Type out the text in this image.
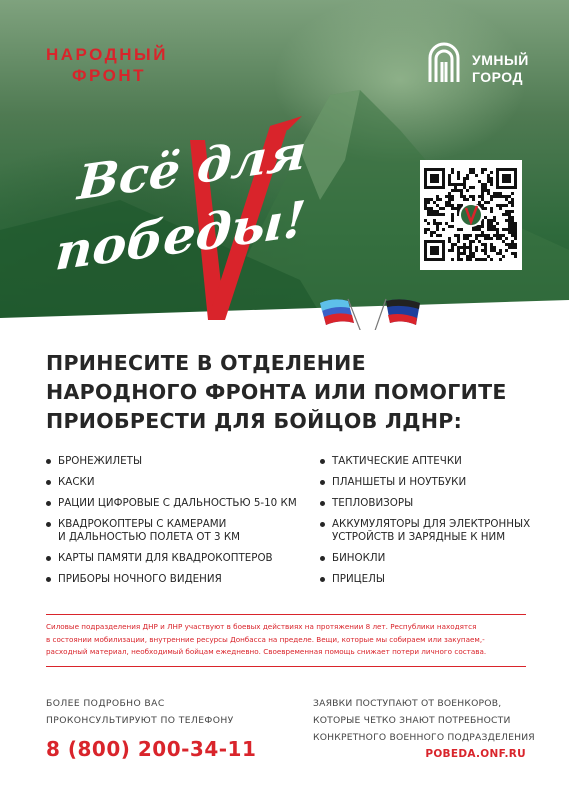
НАРОДНЫЙ
ФРОНТ
УМНЫЙ
ГОРОД
Всё для
победы!
ПРИНЕСИТЕ В ОТДЕЛЕНИЕ
НАРОДНОГО ФРОНТА ИЛИ ПОМОГИТЕ
ПРИОБРЕСТИ ДЛЯ БОЙЦОВ ЛДНР:
БРОНЕЖИЛЕТЫ
КАСКИ
РАЦИИ ЦИФРОВЫЕ С ДАЛЬНОСТЬЮ 5-10 КМ
КВАДРОКОПТЕРЫ С КАМЕРАМИ
И ДАЛЬНОСТЬЮ ПОЛЕТА ОТ 3 КМ
КАРТЫ ПАМЯТИ ДЛЯ КВАДРОКОПТЕРОВ
ПРИБОРЫ НОЧНОГО ВИДЕНИЯ
ТАКТИЧЕСКИЕ АПТЕЧКИ
ПЛАНШЕТЫ И НОУТБУКИ
ТЕПЛОВИЗОРЫ
АККУМУЛЯТОРЫ ДЛЯ ЭЛЕКТРОННЫХ
УСТРОЙСТВ И ЗАРЯДНЫЕ К НИМ
БИНОКЛИ
ПРИЦЕЛЫ

Силовые подразделения ДНР и ЛНР участвуют в боевых действиях на протяжении 8 лет. Республики находятся
в состоянии мобилизации, внутренние ресурсы Донбасса на пределе. Вещи, которые мы собираем или закупаем,-
расходный материал, необходимый бойцам ежедневно. Своевременная помощь снижает потери личного состава.

БОЛЕЕ ПОДРОБНО ВАС
ПРОКОНСУЛЬТИРУЮТ ПО ТЕЛЕФОНУ
8 (800) 200-34-11
ЗАЯВКИ ПОСТУПАЮТ ОТ ВОЕНКОРОВ,
КОТОРЫЕ ЧЕТКО ЗНАЮТ ПОТРЕБНОСТИ
КОНКРЕТНОГО ВОЕННОГО ПОДРАЗДЕЛЕНИЯ
POBEDA.ONF.RU
